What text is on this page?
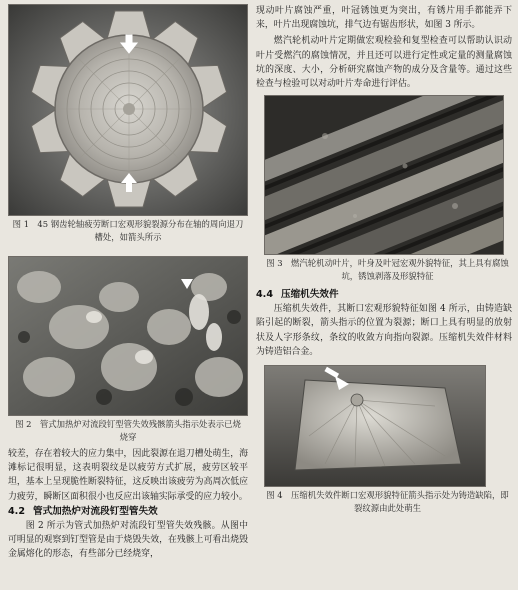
图 1　45 钢齿轮轴疲劳断口宏观形貌裂源分布在轴的周向退刀槽处，如箭头所示
图 2　管式加热炉对流段钉型管失效残骸箭头指示处表示已烧烧穿

较差，存在着较大的应力集中，因此裂源在退刀槽处萌生，海滩标记很明显，这表明裂纹是以疲劳方式扩展，疲劳区较平坦，基本上呈现脆性断裂特征，这反映出该疲劳为高周次低应力疲劳，瞬断区面积很小也反应出该轴实际承受的应力较小。

4.2 管式加热炉对流段钉型管失效

图 2 所示为管式加热炉对流段钉型管失效残骸。从图中可明显的观察到钉型管是由于烧毁失效，在残骸上可看出烧毁金属熔化的形态，有些部分已经烧穿，

现动叶片腐蚀严重，叶冠锈蚀更为突出，有锈片用手都能弄下来，叶片出现腐蚀坑，排气边有锯齿形状，如图 3 所示。

燃汽轮机动叶片定期做宏观检验和复型检查可以帮助认识动叶片受燃汽的腐蚀情况，并且还可以进行定性或定量的测量腐蚀坑的深度、大小，分析研究腐蚀产物的成分及含量等。通过这些检查与检验可以对动叶片寿命进行评估。

图 3　燃汽轮机动叶片，叶身及叶冠宏观外貌特征，其上具有腐蚀坑，锈蚀剥落及形貌特征
4.4 压缩机失效件

压缩机失效件，其断口宏观形貌特征如图 4 所示，由铸造缺陷引起的断裂，箭头指示的位置为裂源；断口上具有明显的放射状及人字形条纹，条纹的收敛方向指向裂源。压缩机失效件材料为铸造铝合金。

图 4　压缩机失效件断口宏观形貌特征箭头指示处为铸造缺陷，即裂纹源由此处萌生
